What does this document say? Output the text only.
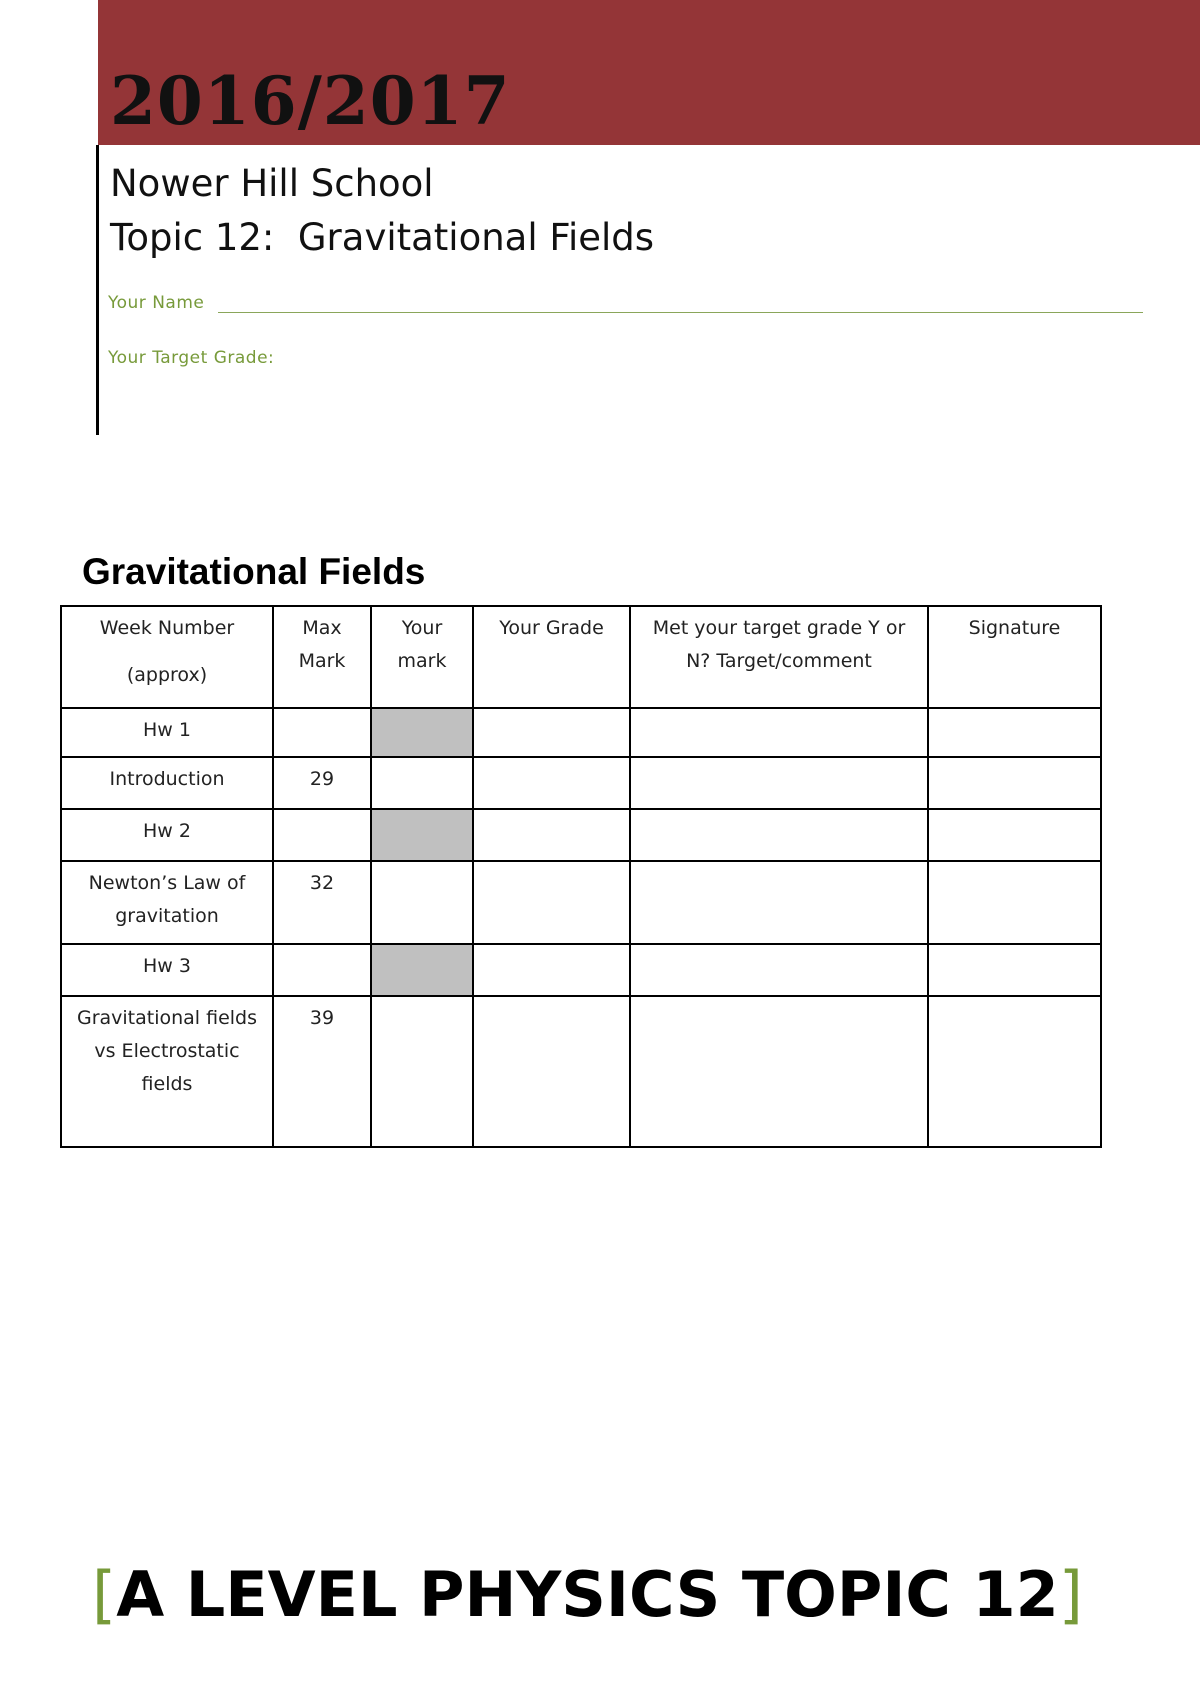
2016/2017
Nower Hill School
Topic 12:  Gravitational Fields
Your Name
Your Target Grade:
Gravitational Fields
Week Number
(approx)	Max Mark	Your mark	Your Grade	Met your target grade Y or N? Target/comment	Signature
Hw 1					
Introduction	29				
Hw 2					
Newton’s Law of gravitation	32				
Hw 3					
Gravitational fields vs Electrostatic fields	39				
[A LEVEL PHYSICS TOPIC 12]
